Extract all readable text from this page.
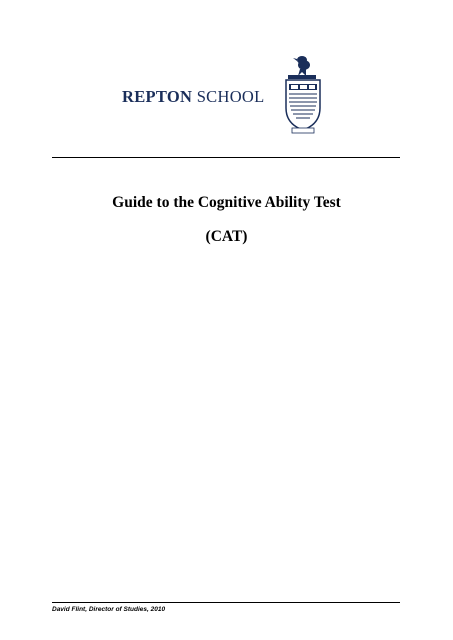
REPTON SCHOOL
Guide to the Cognitive Ability Test
(CAT)
David Flint, Director of Studies, 2010
